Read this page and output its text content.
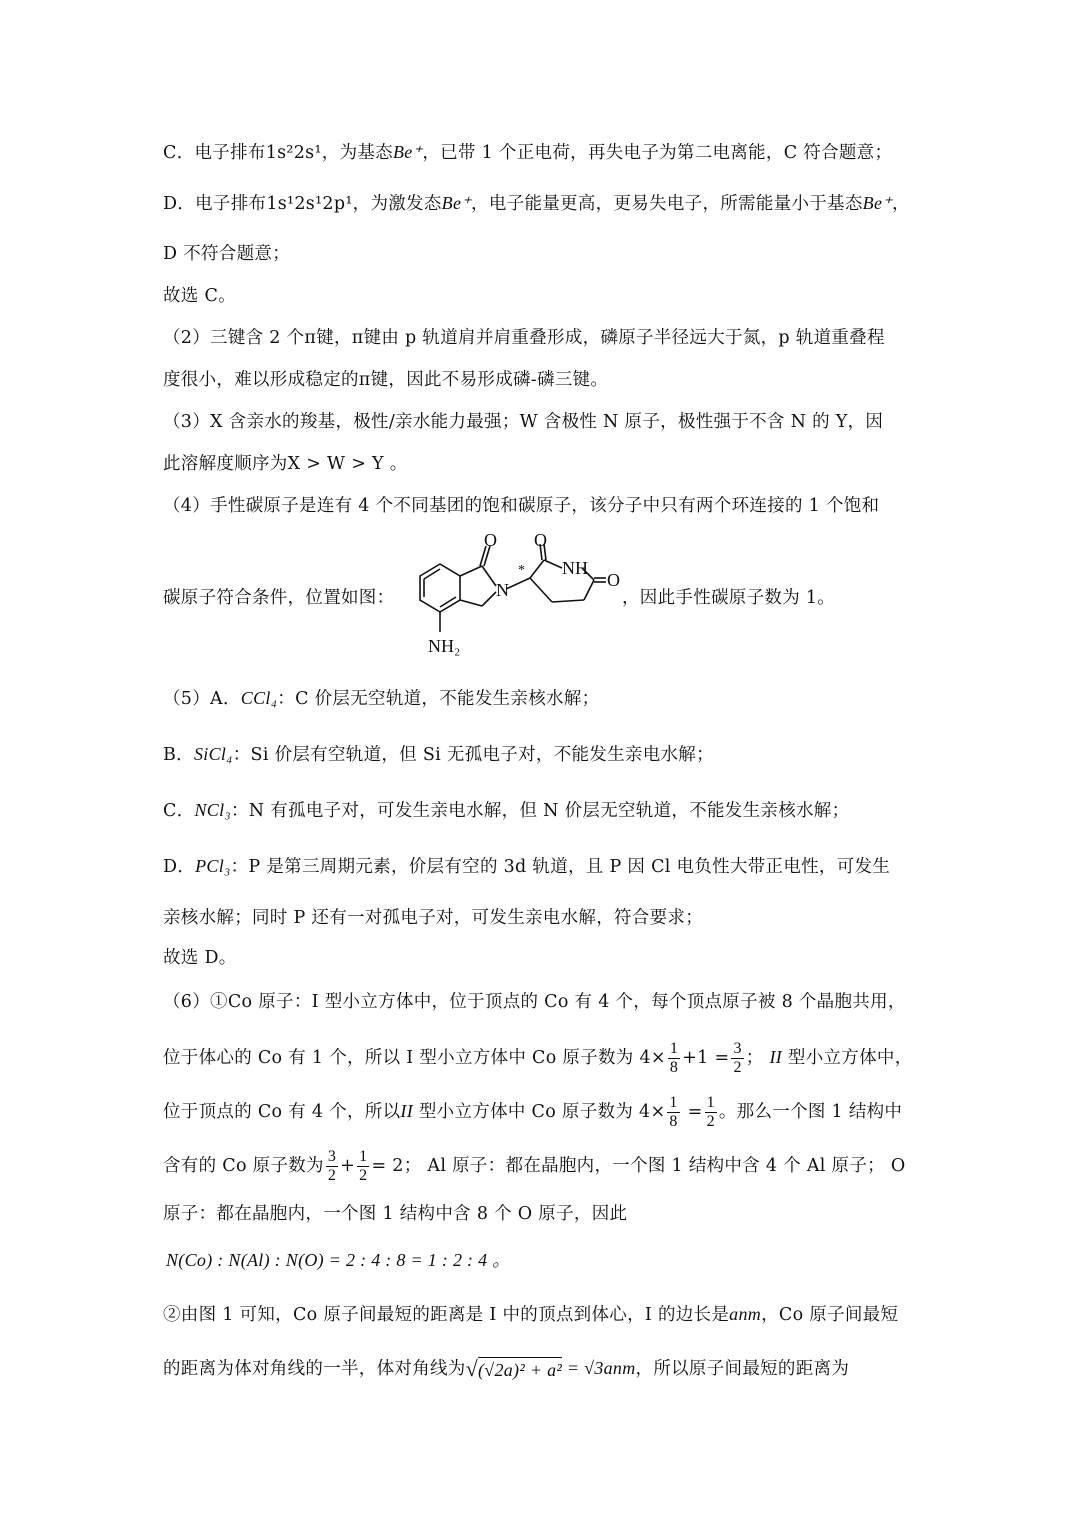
C．电子排布1s²2s¹，为基态Be⁺，已带 1 个正电荷，再失电子为第二电离能，C 符合题意；
D．电子排布1s¹2s¹2p¹，为激发态Be⁺，电子能量更高，更易失电子，所需能量小于基态Be⁺，
D 不符合题意；
故选 C。
（2）三键含 2 个π键，π键由 p 轨道肩并肩重叠形成，磷原子半径远大于氮，p 轨道重叠程
度很小，难以形成稳定的π键，因此不易形成磷-磷三键。
（3）X 含亲水的羧基，极性/亲水能力最强；W 含极性 N 原子，极性强于不含 N 的 Y，因
此溶解度顺序为X > W > Y 。
（4）手性碳原子是连有 4 个不同基团的饱和碳原子，该分子中只有两个环连接的 1 个饱和
碳原子符合条件，位置如图：	，因此手性碳原子数为 1。
O
N
*
O
NH
O
NH₂
（5）A．CCl₄：C 价层无空轨道，不能发生亲核水解；
B．SiCl₄：Si 价层有空轨道，但 Si 无孤电子对，不能发生亲电水解；
C．NCl₃：N 有孤电子对，可发生亲电水解，但 N 价层无空轨道，不能发生亲核水解；
D．PCl₃：P 是第三周期元素，价层有空的 3d 轨道，且 P 因 Cl 电负性大带正电性，可发生
亲核水解；同时 P 还有一对孤电子对，可发生亲电水解，符合要求；
故选 D。
（6）①Co 原子：I 型小立方体中，位于顶点的 Co 有 4 个，每个顶点原子被 8 个晶胞共用，
位于体心的 Co 有 1 个，所以 I 型小立方体中 Co 原子数为 $4\times \frac{1}{8} +1 = \frac{3}{2}$ ； II 型小立方体中，
位于顶点的 Co 有 4 个，所以II 型小立方体中 Co 原子数为 $4\times \frac{1}{8} = \frac{1}{2}$ 。那么一个图 1 结构中
含有的 Co 原子数为 $\frac{3}{2} + \frac{1}{2} = 2$； Al 原子：都在晶胞内，一个图 1 结构中含 4 个 Al 原子； O
原子：都在晶胞内，一个图 1 结构中含 8 个 O 原子，因此
N(Co) : N(Al) : N(O) = 2 : 4 : 8 = 1 : 2 : 4 。
②由图 1 可知，Co 原子间最短的距离是 I 中的顶点到体心，I 的边长是anm，Co 原子间最短
的距离为体对角线的一半，体对角线为√(√2a)² + a² = √3anm，所以原子间最短的距离为
